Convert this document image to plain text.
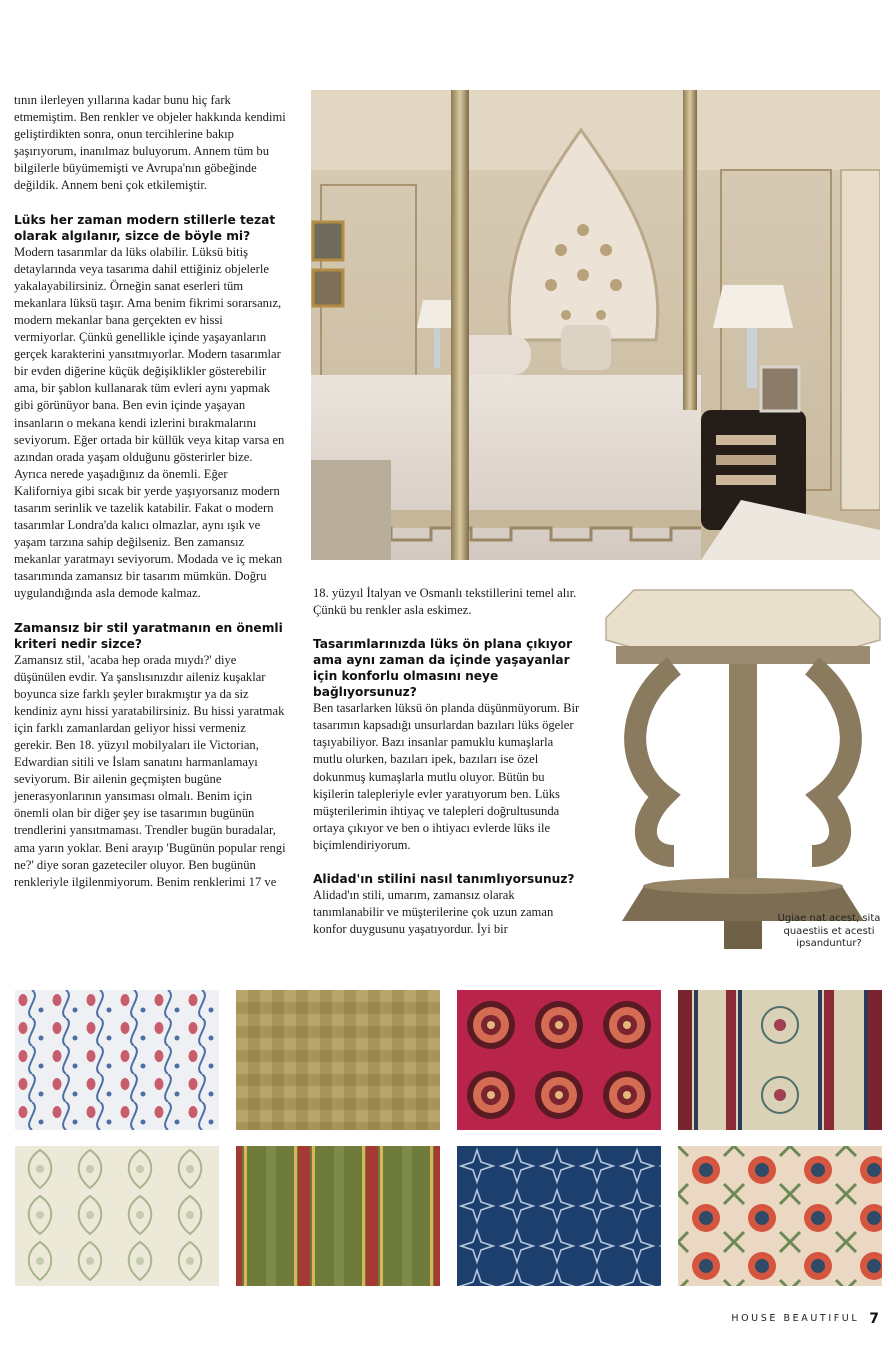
tının ilerleyen yıllarına kadar bunu hiç fark etmemiştim. Ben renkler ve objeler hakkında kendimi geliştirdikten sonra, onun tercihlerine bakıp şaşırıyorum, inanılmaz buluyorum. Annem tüm bu bilgilerle büyümemişti ve Avrupa'nın göbeğinde değildik. Annem beni çok etkilemiştir.

Lüks her zaman modern stillerle tezat olarak algılanır, sizce de böyle mi?

Modern tasarımlar da lüks olabilir. Lüksü bitiş detaylarında veya tasarıma dahil ettiğiniz objelerle yakalayabilirsiniz. Örneğin sanat eserleri tüm mekanlara lüksü taşır. Ama benim fikrimi sorarsanız, modern mekanlar bana gerçekten ev hissi vermiyorlar. Çünkü genellikle içinde yaşayanların gerçek karakterini yansıtmıyorlar. Modern tasarımlar bir evden diğerine küçük değişiklikler gösterebilir ama, bir şablon kullanarak tüm evleri aynı yapmak gibi görünüyor bana. Ben evin içinde yaşayan insanların o mekana kendi izlerini bırakmalarını seviyorum. Eğer ortada bir küllük veya kitap varsa en azından orada yaşam olduğunu gösterirler bize. Ayrıca nerede yaşadığınız da önemli. Eğer Kaliforniya gibi sıcak bir yerde yaşıyorsanız modern tasarım serinlik ve tazelik katabilir. Fakat o modern tasarımlar Londra'da kalıcı olmazlar, aynı ışık ve yaşam tarzına sahip değilseniz. Ben zamansız mekanlar yaratmayı seviyorum. Modada ve iç mekan tasarımında zamansız bir tasarım mümkün. Doğru uygulandığında asla demode kalmaz.

Zamansız bir stil yaratmanın en önemli kriteri nedir sizce?

Zamansız stil, 'acaba hep orada mıydı?' diye düşünülen evdir. Ya şanslısınızdır aileniz kuşaklar boyunca size farklı şeyler bırakmıştır ya da siz kendiniz aynı hissi yaratabilirsiniz. Bu hissi yaratmak için farklı zamanlardan geliyor hissi vermeniz gerekir. Ben 18. yüzyıl mobilyaları ile Victorian, Edwardian sitili ve İslam sanatını harmanlamayı seviyorum. Bir ailenin geçmişten bugüne jenerasyonlarının yansıması olmalı. Benim için önemli olan bir diğer şey ise tasarımın bugünün trendlerini yansıtmaması. Trendler bugün buradalar, ama yarın yoklar. Beni arayıp 'Bugünün popular rengi ne?' diye soran gazeteciler oluyor. Ben bugünün renkleriyle ilgilenmiyorum. Benim renklerimi 17 ve

18. yüzyıl İtalyan ve Osmanlı tekstillerini temel alır. Çünkü bu renkler asla eskimez.

Tasarımlarınızda lüks ön plana çıkıyor ama aynı zaman da içinde yaşayanlar için konforlu olmasını neye bağlıyorsunuz?

Ben tasarlarken lüksü ön planda düşünmüyorum. Bir tasarımın kapsadığı unsurlardan bazıları lüks ögeler taşıyabiliyor. Bazı insanlar pamuklu kumaşlarla mutlu olurken, bazıları ipek, bazıları ise özel dokunmuş kumaşlarla mutlu oluyor. Bütün bu kişilerin talepleriyle evler yaratıyorum ben. Lüks müşterilerimin ihtiyaç ve talepleri doğrultusunda ortaya çıkıyor ve ben o ihtiyacı evlerde lüks ile biçimlendiriyorum.

Alidad'ın stilini nasıl tanımlıyorsunuz?

Alidad'ın stili, umarım, zamansız olarak tanımlanabilir ve müşterilerine çok uzun zaman konfor duygusunu yaşatıyordur. İyi bir

Ugiae nat acest, sita quaestiis et acesti ipsanduntur?
HOUSE BEAUTIFUL 7
